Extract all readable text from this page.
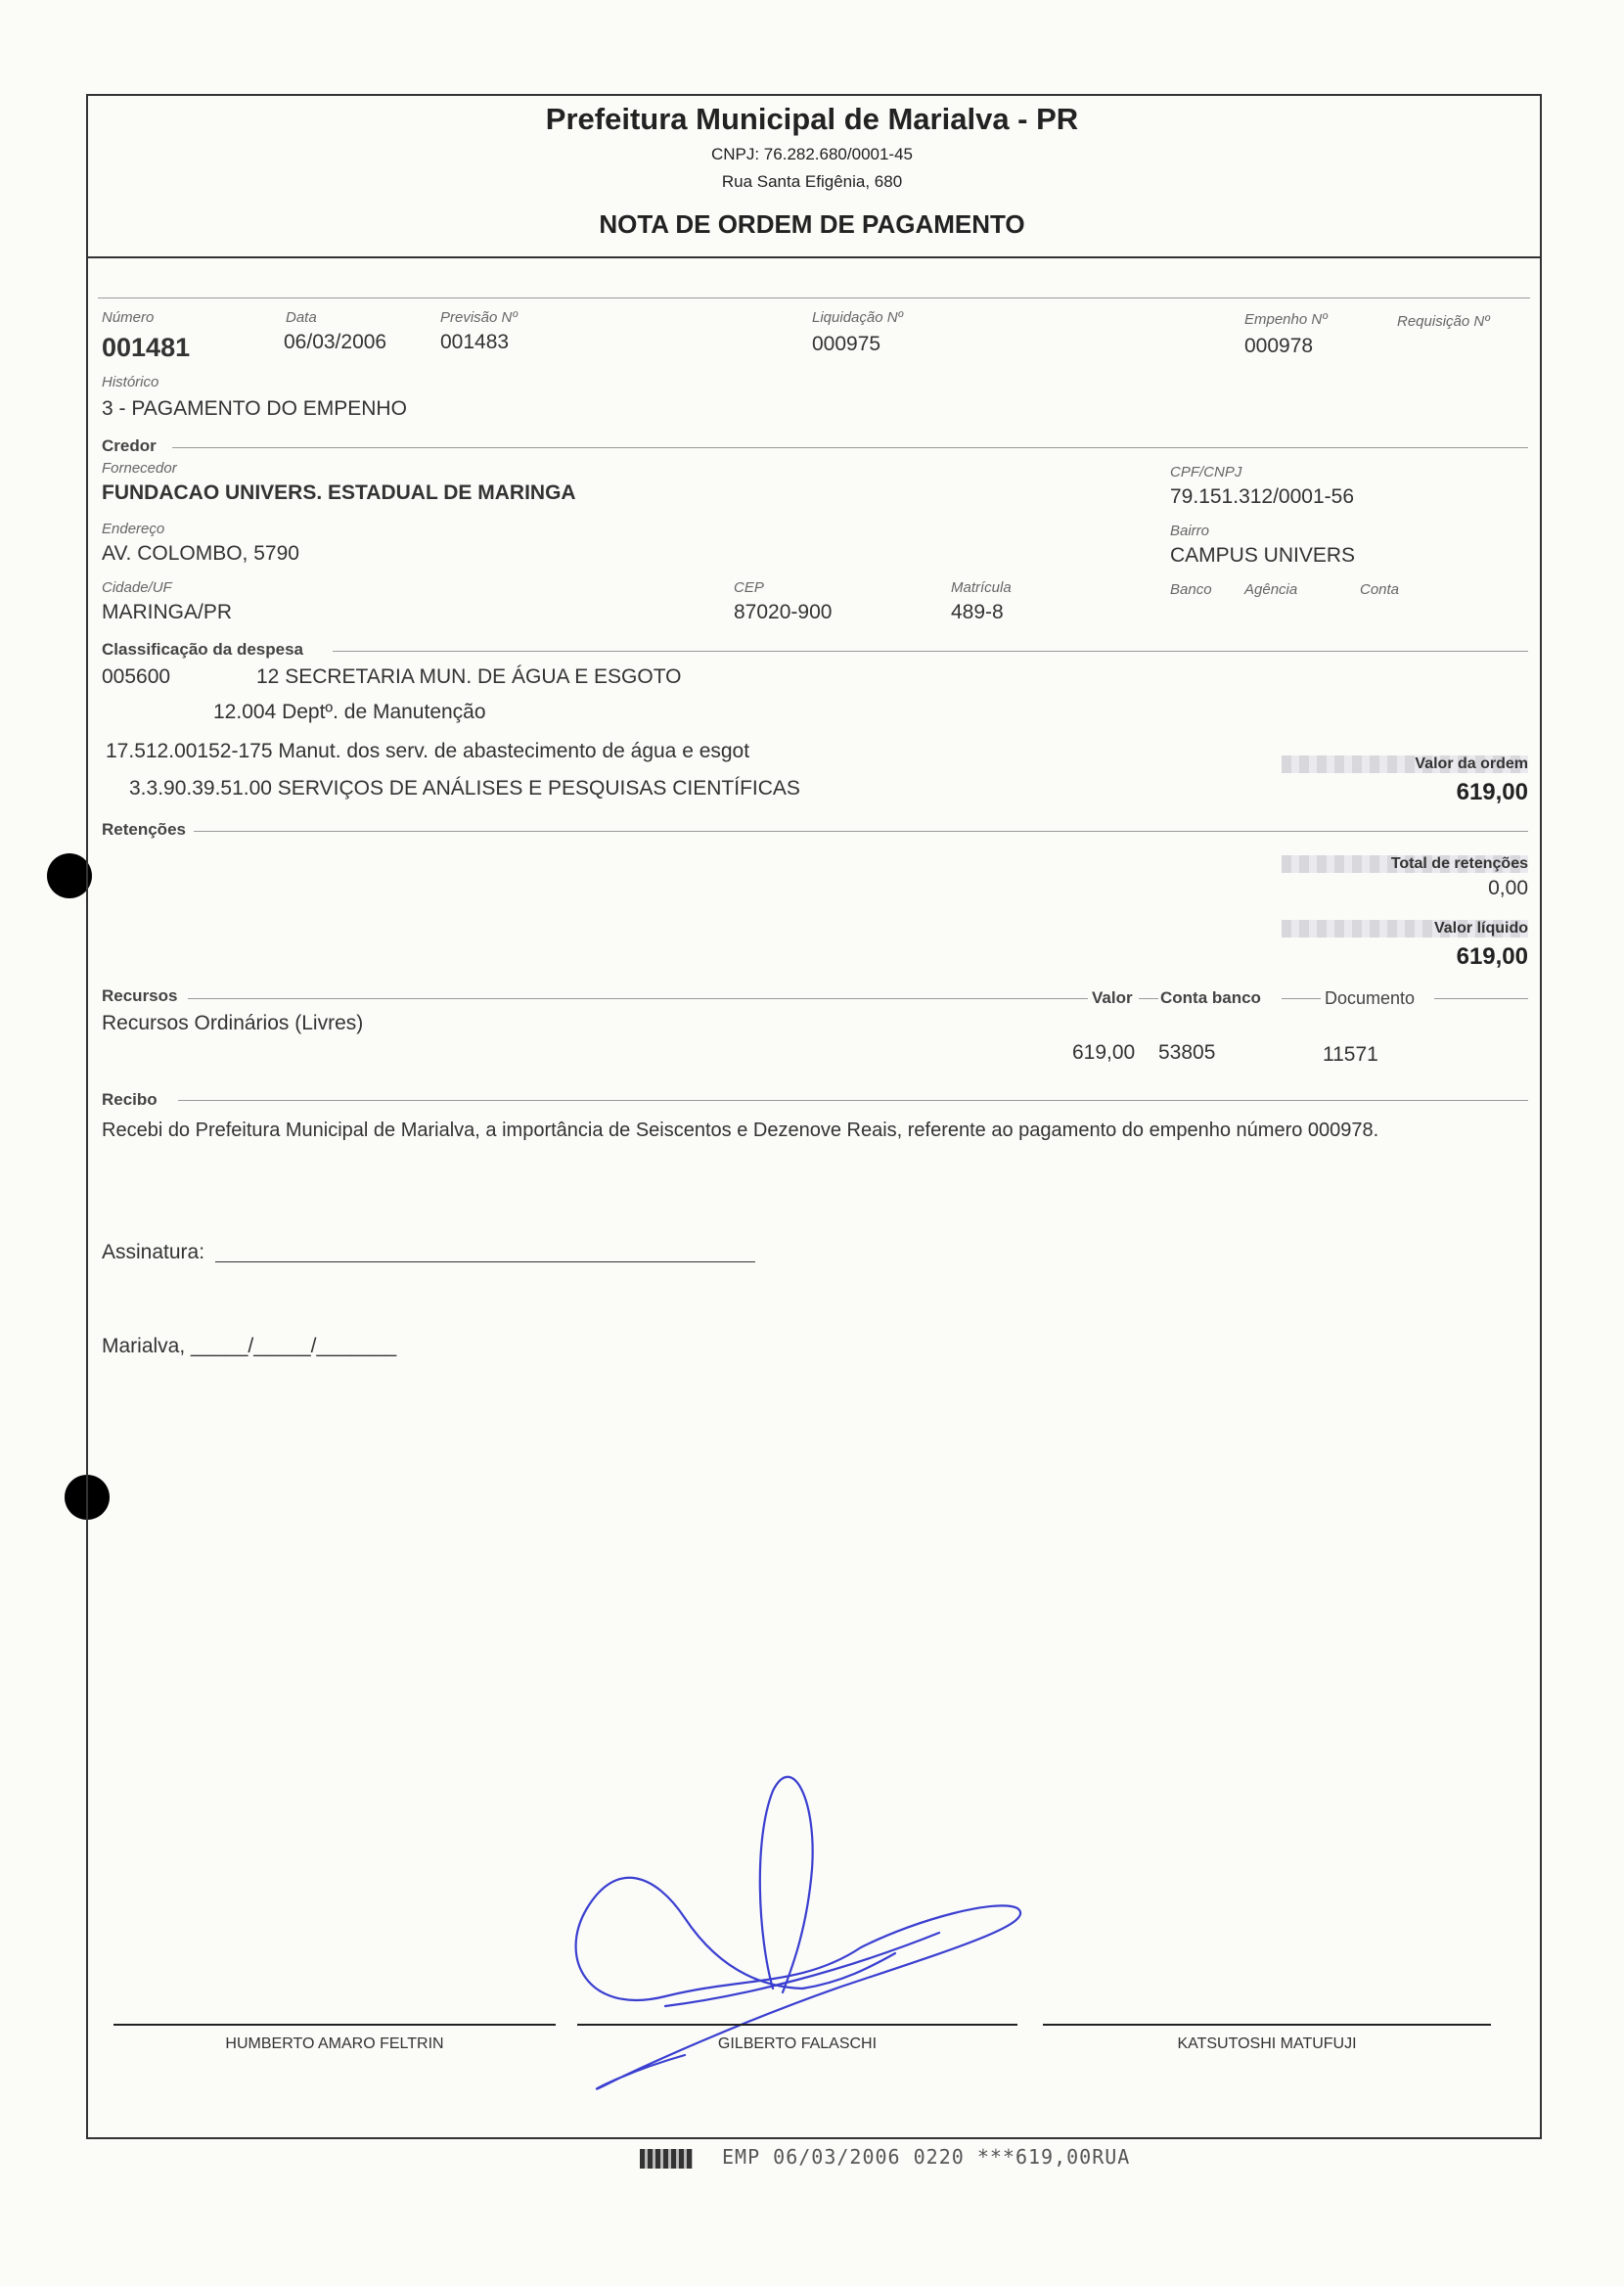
Prefeitura Municipal de Marialva - PR
CNPJ: 76.282.680/0001-45
Rua Santa Efigênia, 680
NOTA DE ORDEM DE PAGAMENTO
Número
001481
Data
06/03/2006
Previsão Nº
001483
Liquidação Nº
000975
Empenho Nº
000978
Requisição Nº
Histórico
3 - PAGAMENTO DO EMPENHO
Credor
Fornecedor
FUNDACAO UNIVERS. ESTADUAL DE MARINGA
CPF/CNPJ
79.151.312/0001-56
Endereço
AV. COLOMBO, 5790
Bairro
CAMPUS UNIVERS
Cidade/UF
MARINGA/PR
CEP
87020-900
Matrícula
489-8
Banco Agência	Conta
Classificação da despesa
005600	12 SECRETARIA MUN. DE ÁGUA E ESGOTO
12.004 Deptº. de Manutenção
17.512.00152-175 Manut. dos serv. de abastecimento de água e esgot
3.3.90.39.51.00 SERVIÇOS DE ANÁLISES E PESQUISAS CIENTÍFICAS
Valor da ordem
619,00
Retenções
Total de retenções
0,00
Valor líquido
619,00
Recursos	Valor Conta banco	Documento
Recursos Ordinários (Livres)
619,00 53805	11571
Recibo
Recebi do Prefeitura Municipal de Marialva, a importância de Seiscentos e Dezenove Reais, referente ao pagamento do empenho número 000978.
Assinatura:
Marialva, _____/_____/_______
HUMBERTO AMARO FELTRIN	GILBERTO FALASCHI	KATSUTOSHI MATUFUJI
EMP 06/03/2006 0220 ***619,00RUA
